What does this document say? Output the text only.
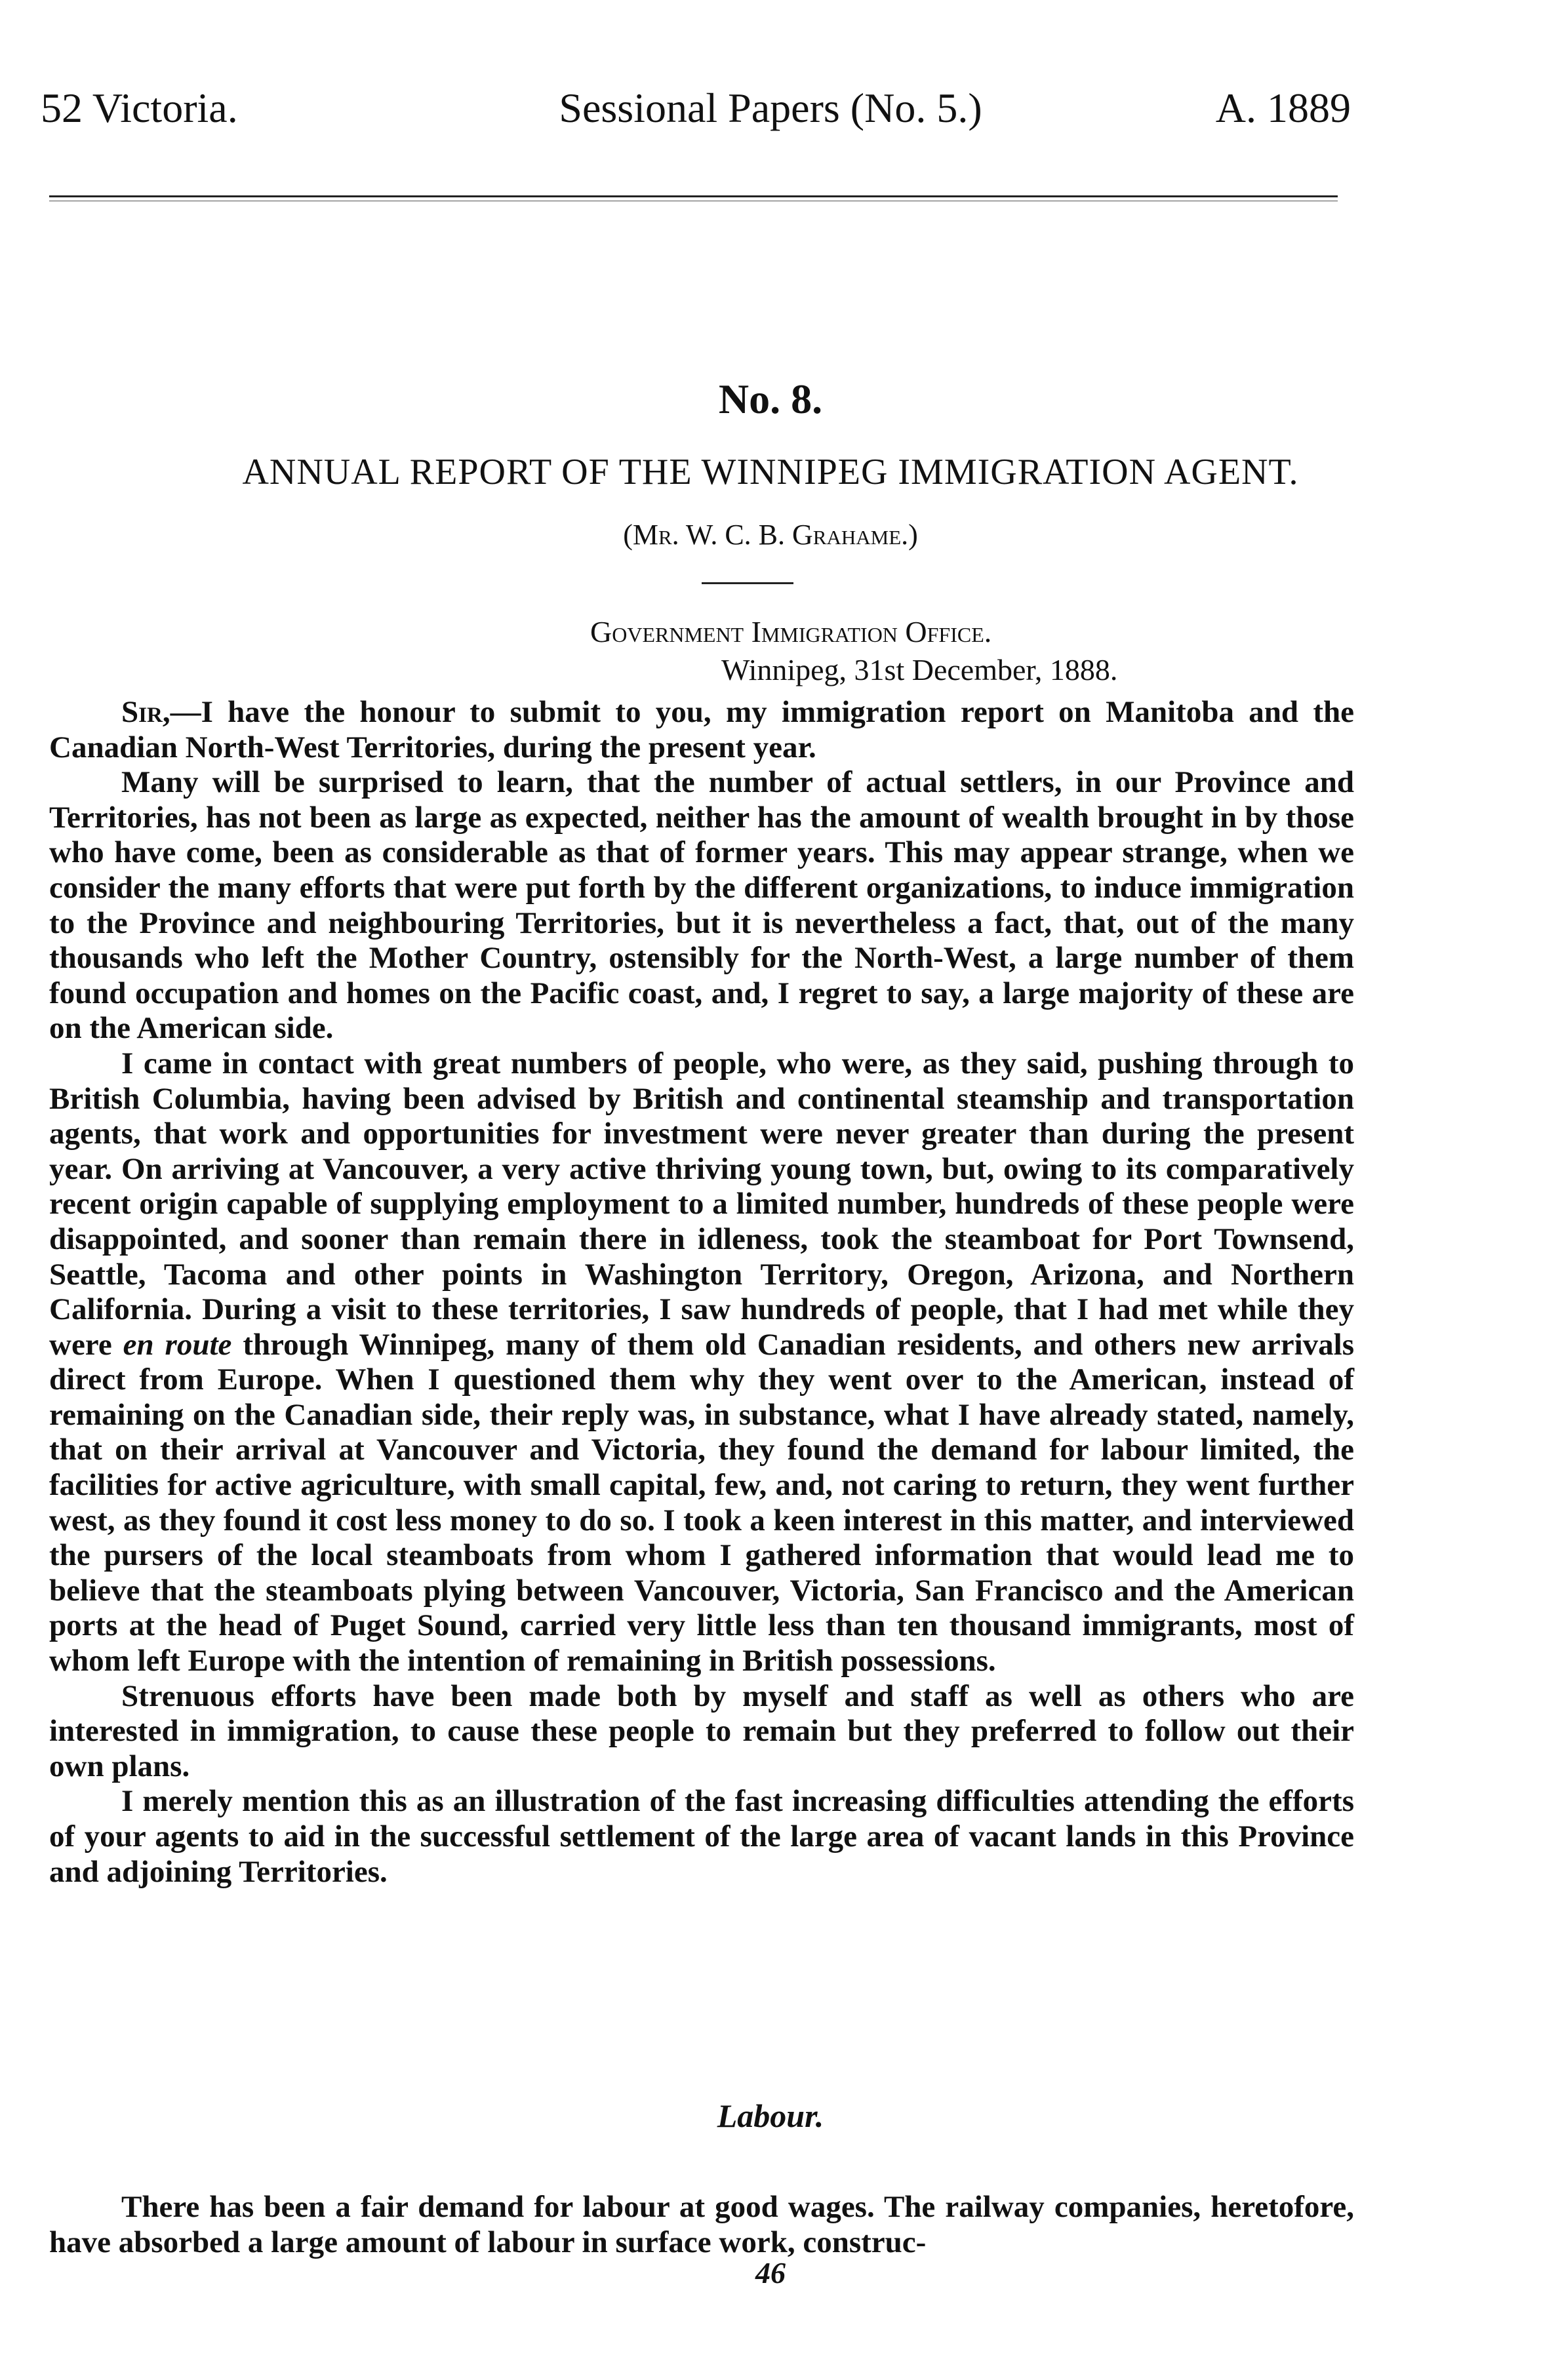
52 Victoria.	Sessional Papers (No. 5.)	A. 1889
No. 8.
ANNUAL REPORT OF THE WINNIPEG IMMIGRATION AGENT.
(Mr. W. C. B. Grahame.)
Government Immigration Office.
Winnipeg, 31st December, 1888.

Sir,—I have the honour to submit to you, my immigration report on Manitoba and the Canadian North-West Territories, during the present year.

Many will be surprised to learn, that the number of actual settlers, in our Province and Territories, has not been as large as expected, neither has the amount of wealth brought in by those who have come, been as considerable as that of former years. This may appear strange, when we consider the many efforts that were put forth by the different organizations, to induce immigration to the Province and neighbouring Territories, but it is nevertheless a fact, that, out of the many thousands who left the Mother Country, ostensibly for the North-West, a large number of them found occupation and homes on the Pacific coast, and, I regret to say, a large majority of these are on the American side.

I came in contact with great numbers of people, who were, as they said, pushing through to British Columbia, having been advised by British and continental steamship and transportation agents, that work and opportunities for investment were never greater than during the present year. On arriving at Vancouver, a very active thriving young town, but, owing to its comparatively recent origin capable of supplying employment to a limited number, hundreds of these people were disappointed, and sooner than remain there in idleness, took the steamboat for Port Townsend, Seattle, Tacoma and other points in Washington Territory, Oregon, Arizona, and Northern California. During a visit to these territories, I saw hundreds of people, that I had met while they were en route through Winnipeg, many of them old Canadian residents, and others new arrivals direct from Europe. When I questioned them why they went over to the American, instead of remaining on the Canadian side, their reply was, in substance, what I have already stated, namely, that on their arrival at Vancouver and Victoria, they found the demand for labour limited, the facilities for active agriculture, with small capital, few, and, not caring to return, they went further west, as they found it cost less money to do so. I took a keen interest in this matter, and interviewed the pursers of the local steamboats from whom I gathered information that would lead me to believe that the steamboats plying between Vancouver, Victoria, San Francisco and the American ports at the head of Puget Sound, carried very little less than ten thousand immigrants, most of whom left Europe with the intention of remaining in British possessions.

Strenuous efforts have been made both by myself and staff as well as others who are interested in immigration, to cause these people to remain but they preferred to follow out their own plans.

I merely mention this as an illustration of the fast increasing difficulties attending the efforts of your agents to aid in the successful settlement of the large area of vacant lands in this Province and adjoining Territories.

Labour.

There has been a fair demand for labour at good wages. The railway companies, heretofore, have absorbed a large amount of labour in surface work, construc-

46
